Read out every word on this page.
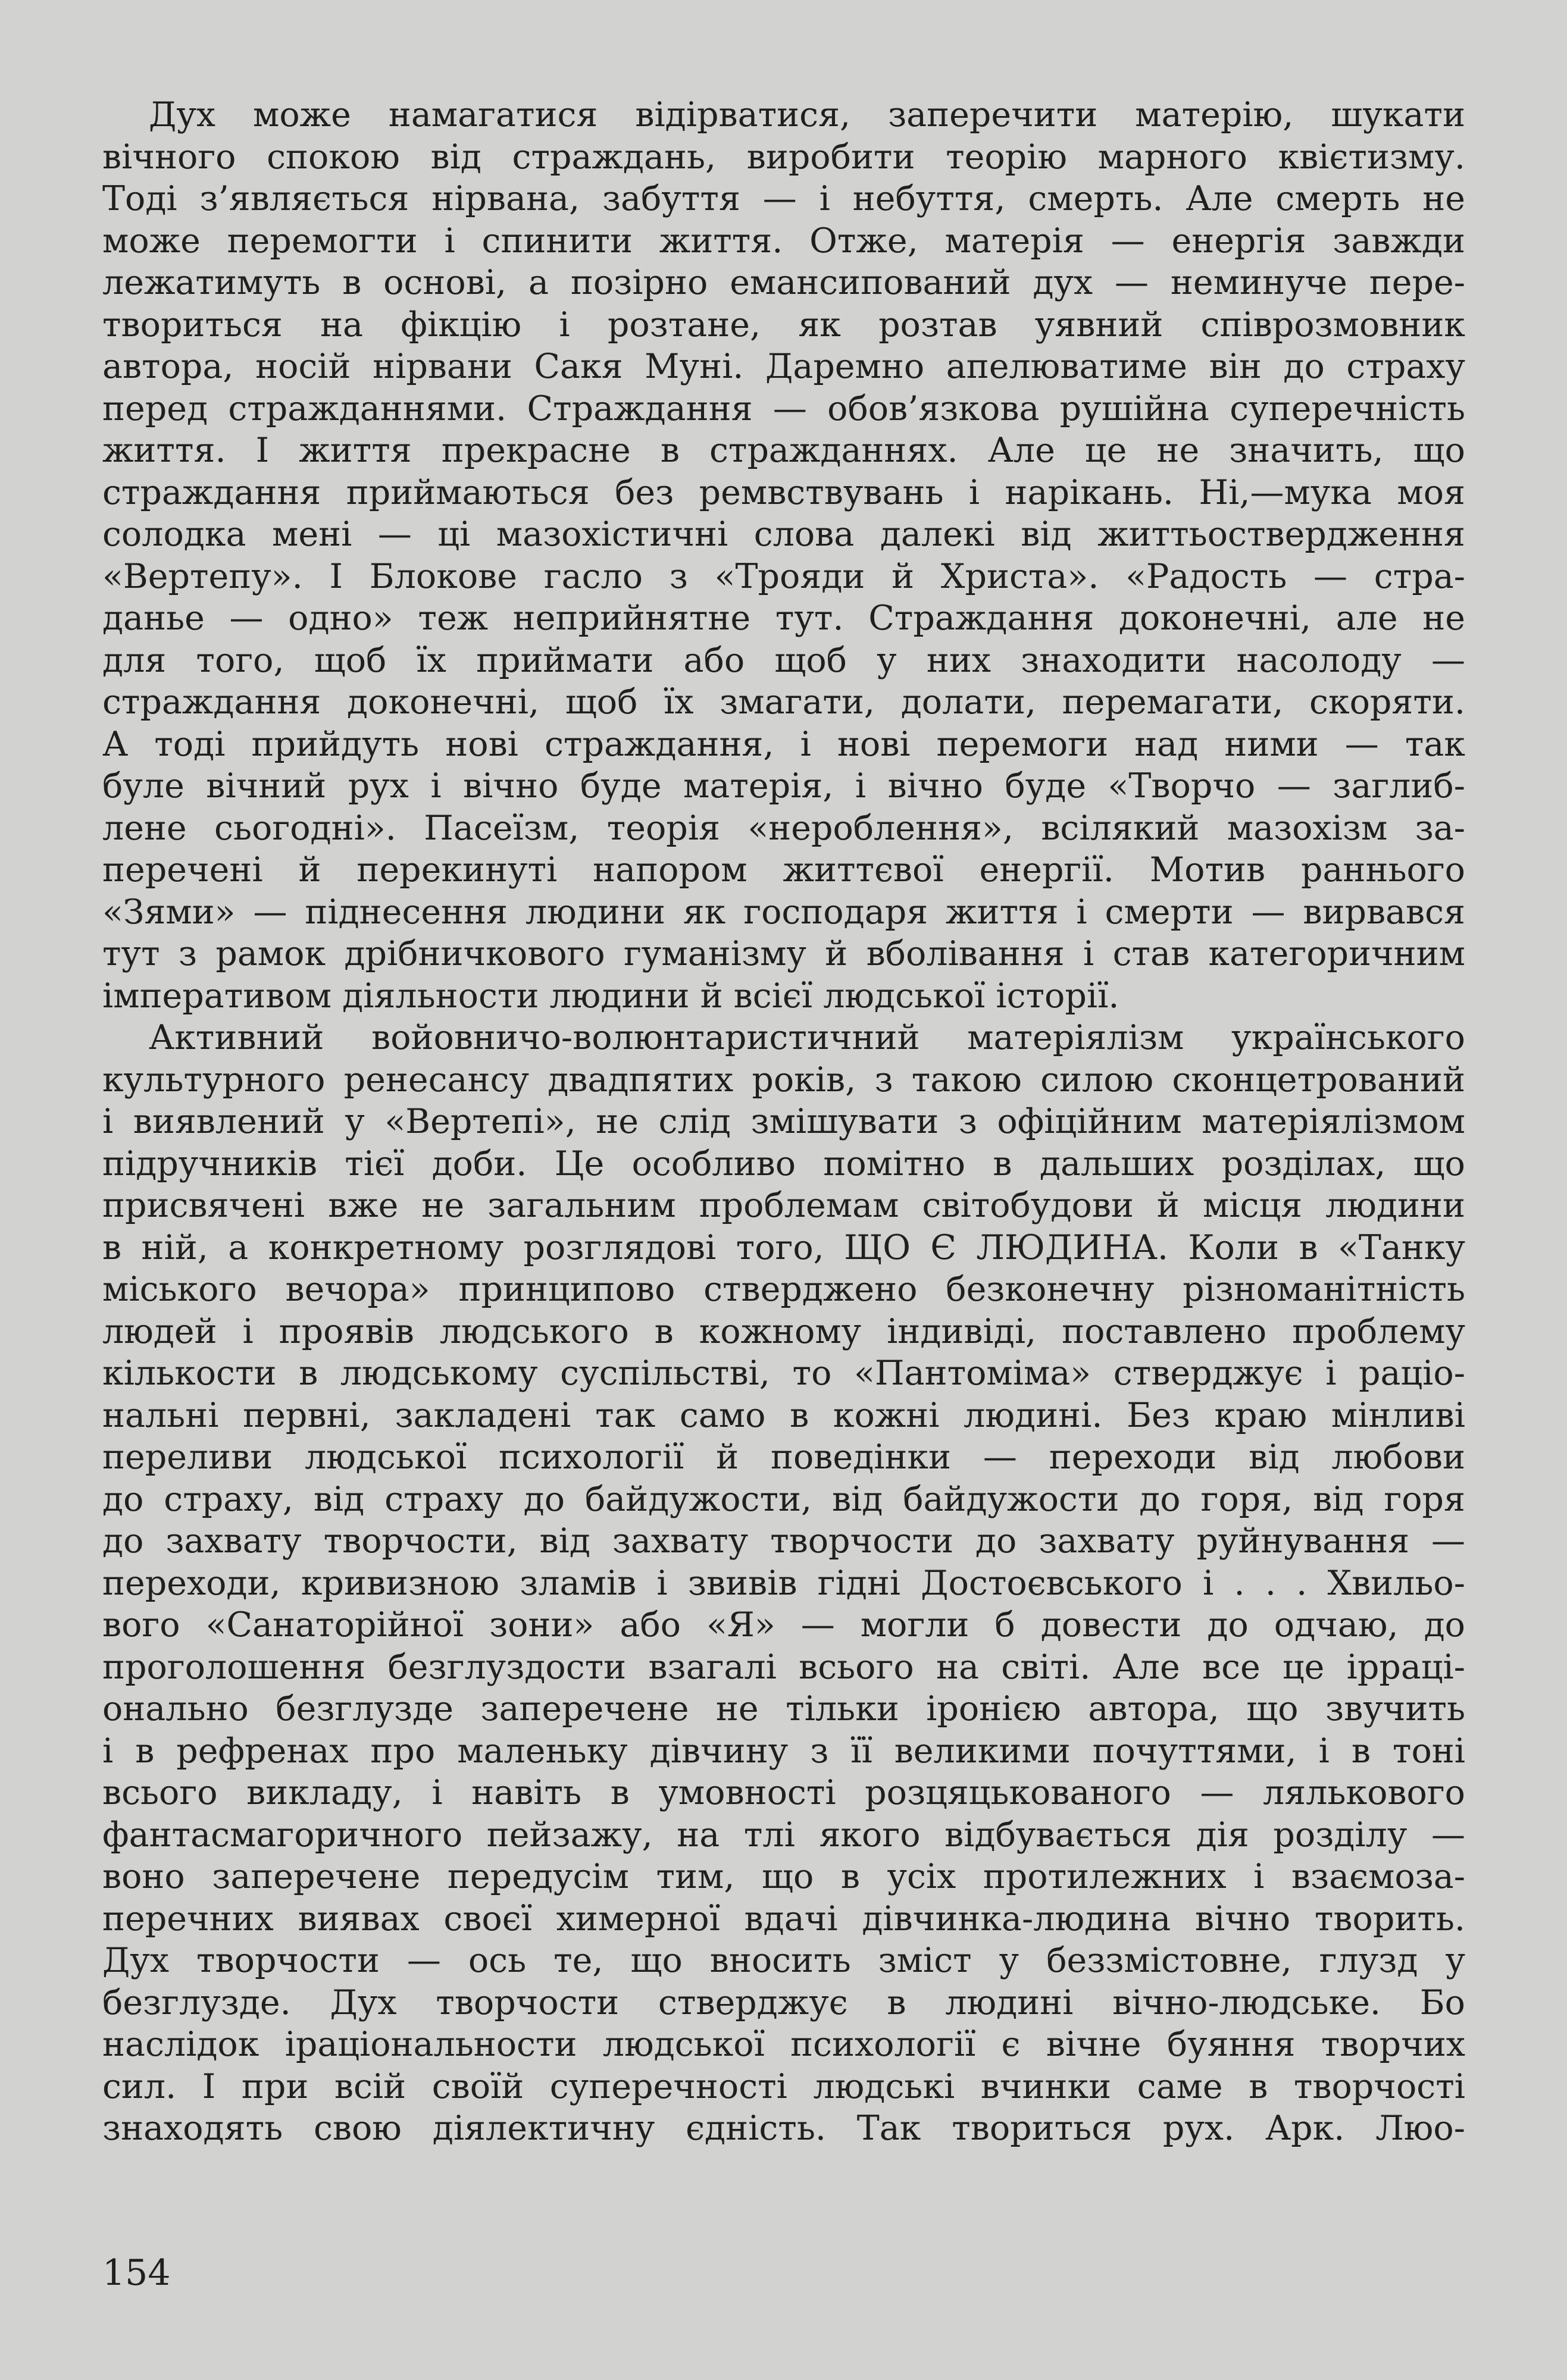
Дух може намагатися відірватися, заперечити матерію, шукати
вічного спокою від страждань, виробити теорію марного квієтизму.
Тоді з’являється нірвана, забуття — і небуття, смерть. Але смерть не
може перемогти і спинити життя. Отже, матерія — енергія завжди
лежатимуть в основі, а позірно емансипований дух — неминуче пере-
твориться на фікцію і розтане, як розтав уявний співрозмовник
автора, носій нірвани Сакя Муні. Даремно апелюватиме він до страху
перед стражданнями. Страждання — обов’язкова рушійна суперечність
життя. І життя прекрасне в стражданнях. Але це не значить, що
страждання приймаються без ремвствувань і нарікань. Ні,—мука моя
солодка мені — ці мазохістичні слова далекі від життьоствердження
«Вертепу». І Блокове гасло з «Трояди й Христа». «Радость — стра-
данье — одно» теж неприйнятне тут. Страждання доконечні, але не
для того, щоб їх приймати або щоб у них знаходити насолоду —
страждання доконечні, щоб їх змагати, долати, перемагати, скоряти.
А тоді прийдуть нові страждання, і нові перемоги над ними — так
буле вічний рух і вічно буде матерія, і вічно буде «Творчо — заглиб-
лене сьогодні». Пасеїзм, теорія «нероблення», всілякий мазохізм за-
перечені й перекинуті напором життєвої енергії. Мотив раннього
«Зями» — піднесення людини як господаря життя і смерти — вирвався
тут з рамок дрібничкового гуманізму й вболівання і став категоричним
імперативом діяльности людини й всієї людської історії.

Активний войовничо-волюнтаристичний матеріялізм українського
культурного ренесансу двадпятих років, з такою силою сконцетрований
і виявлений у «Вертепі», не слід змішувати з офіційним матеріялізмом
підручників тієї доби. Це особливо помітно в дальших розділах, що
присвячені вже не загальним проблемам світобудови й місця людини
в ній, а конкретному розглядові того, ЩО Є ЛЮДИНА. Коли в «Танку
міського вечора» принципово стверджено безконечну різноманітність
людей і проявів людського в кожному індивіді, поставлено проблему
кількости в людському суспільстві, то «Пантоміма» стверджує і раціо-
нальні первні, закладені так само в кожні людині. Без краю мінливі
переливи людської психології й поведінки — переходи від любови
до страху, від страху до байдужости, від байдужости до горя, від горя
до захвату творчости, від захвату творчости до захвату руйнування —
переходи, кривизною зламів і звивів гідні Достоєвського і . . . Хвильо-
вого «Санаторійної зони» або «Я» — могли б довести до одчаю, до
проголошення безглуздости взагалі всього на світі. Але все це ірраці-
онально безглузде заперечене не тільки іронією автора, що звучить
і в рефренах про маленьку дівчину з її великими почуттями, і в тоні
всього викладу, і навіть в умовності розцяцькованого — лялькового
фантасмагоричного пейзажу, на тлі якого відбувається дія розділу —
воно заперечене передусім тим, що в усіх протилежних і взаємоза-
перечних виявах своєї химерної вдачі дівчинка-людина вічно творить.
Дух творчости — ось те, що вносить зміст у беззмістовне, глузд у
безглузде. Дух творчости стверджує в людині вічно-людське. Бо
наслідок іраціональности людської психології є вічне буяння творчих
сил. І при всій своїй суперечності людські вчинки саме в творчості
знаходять свою діялектичну єдність. Так твориться рух. Арк. Люо-

154
